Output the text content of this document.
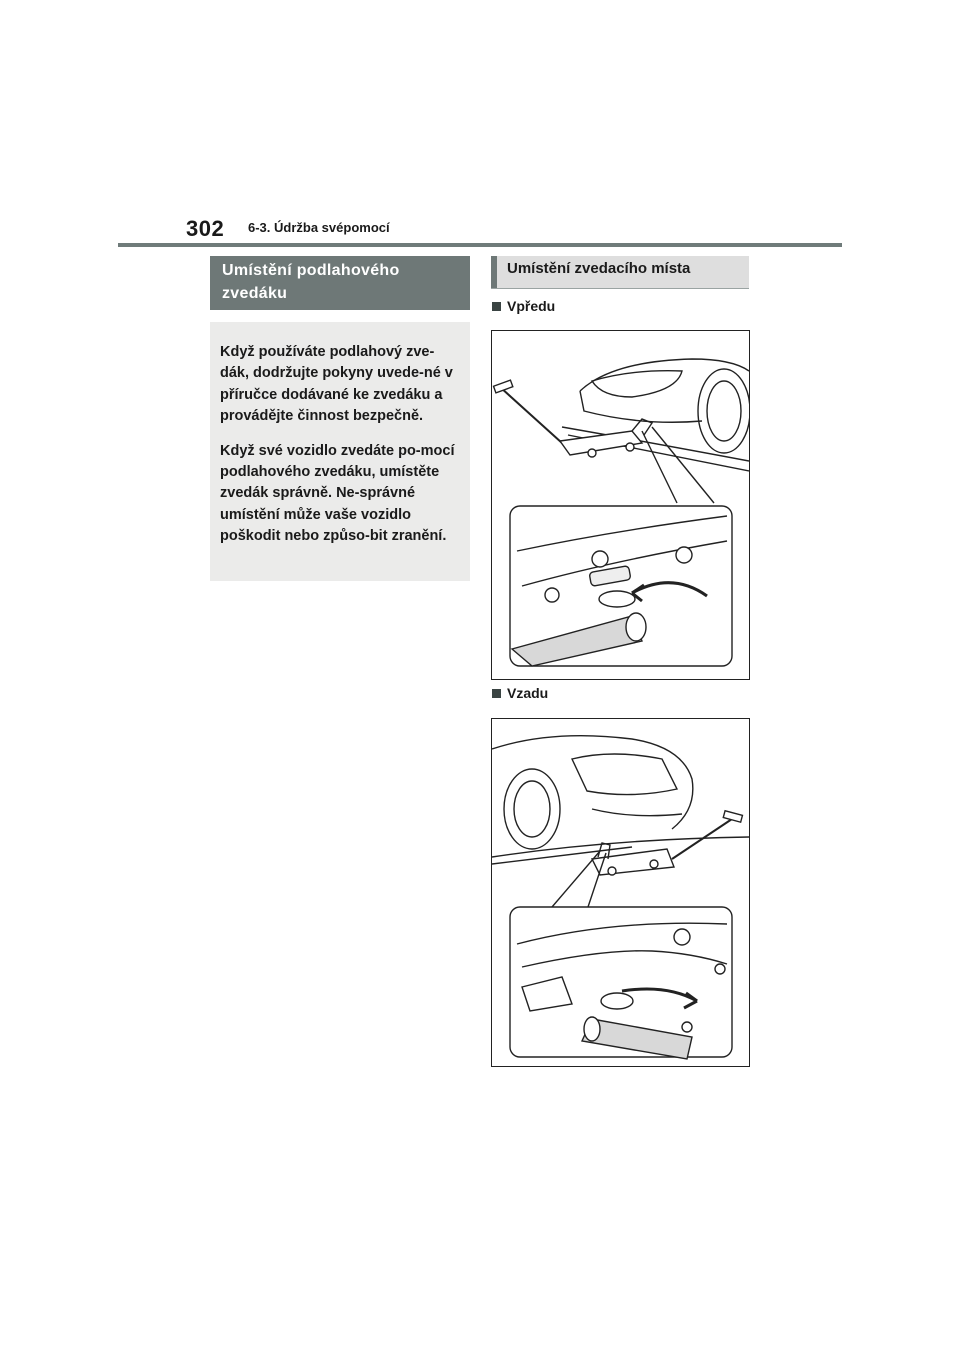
302 6-3. Údržba svépomocí
Umístění podlahového zvedáku

Když používáte podlahový zve-dák, dodržujte pokyny uvede-né v příručce dodávané ke zvedáku a provádějte činnost bezpečně.

Když své vozidlo zvedáte po-mocí podlahového zvedáku, umístěte zvedák správně. Ne-správné umístění může vaše vozidlo poškodit nebo způso-bit zranění.

Umístění zvedacího místa
Vpředu
Vzadu
